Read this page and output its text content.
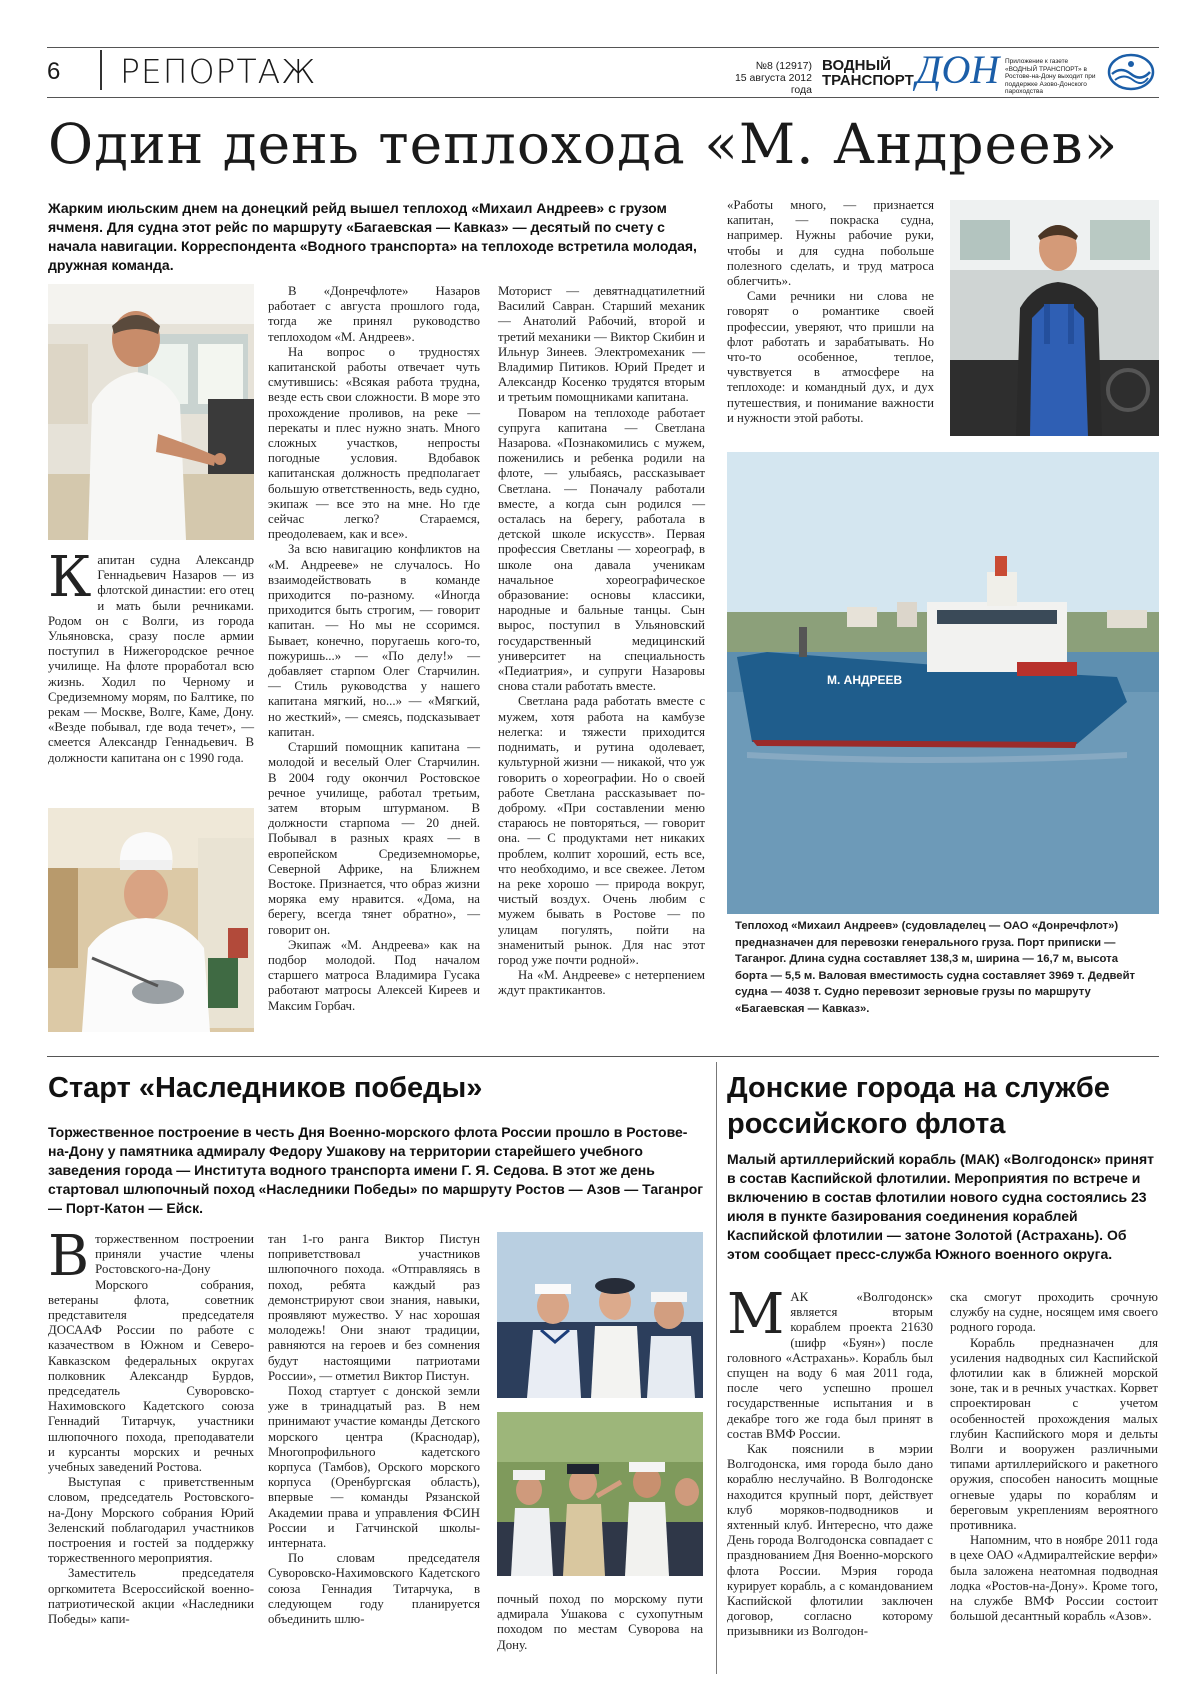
6 РЕПОРТАЖ	№8 (12917)
15 августа 2012 года
ВОДНЫЙ
ТРАНСПОРТ ДОН Приложение к газете «ВОДНЫЙ ТРАНСПОРТ» в Ростове-на-Дону выходит при поддержке Азово-Донского пароходства
Один день теплохода «М. Андреев»
Жарким июльским днем на донецкий рейд вышел теплоход «Михаил Андреев» с грузом ячменя. Для судна этот рейс по маршруту «Багаевская — Кавказ» — десятый по счету с начала навигации. Корреспондента «Водного транспорта» на теплоходе встретила молодая, дружная команда.
Капитан судна Александр Геннадьевич Назаров — из флотской династии: его отец и мать были речниками. Родом он с Волги, из города Ульяновска, сразу после армии поступил в Нижегородское речное училище. На флоте проработал всю жизнь. Ходил по Черному и Средиземному морям, по Балтике, по рекам — Москве, Волге, Каме, Дону. «Везде побывал, где вода течет», — смеется Александр Геннадьевич. В должности капитана он с 1990 года.

В «Донречфлоте» Назаров работает с августа прошлого года, тогда же принял руководство теплоходом «М. Андреев».

На вопрос о трудностях капитанской работы отвечает чуть смутившись: «Всякая работа трудна, везде есть свои сложности. В море это прохождение проливов, на реке — перекаты и плес нужно знать. Много сложных участков, непросты погодные условия. Вдобавок капитанская должность предполагает большую ответственность, ведь судно, экипаж — все это на мне. Но где сейчас легко? Стараемся, преодолеваем, как и все».

За всю навигацию конфликтов на «М. Андрееве» не случалось. Но взаимодействовать в команде приходится по-разному. «Иногда приходится быть строгим, — говорит капитан. — Но мы не ссоримся. Бывает, конечно, поругаешь кого-то, пожуришь...» — «По делу!» — добавляет старпом Олег Старчилин. — Стиль руководства у нашего капитана мягкий, но...» — «Мягкий, но жесткий», — смеясь, подсказывает капитан.

Старший помощник капитана — молодой и веселый Олег Старчилин. В 2004 году окончил Ростовское речное училище, работал третьим, затем вторым штурманом. В должности старпома — 20 дней. Побывал в разных краях — в европейском Средиземноморье, Северной Африке, на Ближнем Востоке. Признается, что образ жизни моряка ему нравится. «Дома, на берегу, всегда тянет обратно», — говорит он.

Экипаж «М. Андреева» как на подбор молодой. Под началом старшего матроса Владимира Гусака работают матросы Алексей Киреев и Максим Горбач.

Моторист — девятнадцатилетний Василий Савран. Старший механик — Анатолий Рабочий, второй и третий механики — Виктор Скибин и Ильнур Зинеев. Электромеханик — Владимир Питиков. Юрий Предет и Александр Косенко трудятся вторым и третьим помощниками капитана.

Поваром на теплоходе работает супруга капитана — Светлана Назарова. «Познакомились с мужем, поженились и ребенка родили на флоте, — улыбаясь, рассказывает Светлана. — Поначалу работали вместе, а когда сын родился — осталась на берегу, работала в детской школе искусств». Первая профессия Светланы — хореограф, в школе она давала ученикам начальное хореографическое образование: основы классики, народные и бальные танцы. Сын вырос, поступил в Ульяновский государственный медицинский университет на специальность «Педиатрия», и супруги Назаровы снова стали работать вместе.

Светлана рада работать вместе с мужем, хотя работа на камбузе нелегка: и тяжести приходится поднимать, и рутина одолевает, культурной жизни — никакой, что уж говорить о хореографии. Но о своей работе Светлана рассказывает по-доброму. «При составлении меню стараюсь не повторяться, — говорит она. — С продуктами нет никаких проблем, колпит хороший, есть все, что необходимо, и все свежее. Летом на реке хорошо — природа вокруг, чистый воздух. Очень любим с мужем бывать в Ростове — по улицам погулять, пойти на знаменитый рынок. Для нас этот город уже почти родной».

На «М. Андрееве» с нетерпением ждут практикантов.

«Работы много, — признается капитан, — покраска судна, например. Нужны рабочие руки, чтобы и для судна побольше полезного сделать, и труд матроса облегчить».

Сами речники ни слова не говорят о романтике своей профессии, уверяют, что пришли на флот работать и зарабатывать. Но что-то особенное, теплое, чувствуется в атмосфере на теплоходе: и командный дух, и дух путешествия, и понимание важности и нужности этой работы.

М. АНДРЕЕВ
Теплоход «Михаил Андреев» (судовладелец — ОАО «Донречфлот») предназначен для перевозки генерального груза. Порт приписки — Таганрог. Длина судна составляет 138,3 м, ширина — 16,7 м, высота борта — 5,5 м. Валовая вместимость судна составляет 3969 т. Дедвейт судна — 4038 т. Судно перевозит зерновые грузы по маршруту «Багаевская — Кавказ».
Старт «Наследников победы»
Торжественное построение в честь Дня Военно-морского флота России прошло в Ростове-на-Дону у памятника адмиралу Федору Ушакову на территории старейшего учебного заведения города — Института водного транспорта имени Г. Я. Седова. В этот же день стартовал шлюпочный поход «Наследники Победы» по маршруту Ростов — Азов — Таганрог — Порт-Катон — Ейск.
Вторжественном построении приняли участие члены Ростовского-на-Дону Морского собрания, ветераны флота, советник представителя председателя ДОСААФ России по работе с казачеством в Южном и Северо-Кавказском федеральных округах полковник Александр Бурдов, председатель Суворовско-Нахимовского Кадетского союза Геннадий Титарчук, участники шлюпочного похода, преподаватели и курсанты морских и речных учебных заведений Ростова.

Выступая с приветственным словом, председатель Ростовского-на-Дону Морского собрания Юрий Зеленский поблагодарил участников построения и гостей за поддержку торжественного мероприятия.

Заместитель председателя оргкомитета Всероссийской военно-патриотической акции «Наследники Победы» капи-

тан 1-го ранга Виктор Пистун поприветствовал участников шлюпочного похода. «Отправляясь в поход, ребята каждый раз демонстрируют свои знания, навыки, проявляют мужество. У нас хорошая молодежь! Они знают традиции, равняются на героев и без сомнения будут настоящими патриотами России», — отметил Виктор Пистун.

Поход стартует с донской земли уже в тринадцатый раз. В нем принимают участие команды Детского морского центра (Краснодар), Многопрофильного кадетского корпуса (Тамбов), Орского морского корпуса (Оренбургская область), впервые — команды Рязанской Академии права и управления ФСИН России и Гатчинской школы-интерната.

По словам председателя Суворовско-Нахимовского Кадетского союза Геннадия Титарчука, в следующем году планируется объединить шлю-

почный поход по морскому пути адмирала Ушакова с сухопутным походом по местам Суворова на Дону.

Донские города на службе российского флота
Малый артиллерийский корабль (МАК) «Волгодонск» принят в состав Каспийской флотилии. Мероприятия по встрече и включению в состав флотилии нового судна состоялись 23 июля в пункте базирования соединения кораблей Каспийской флотилии — затоне Золотой (Астрахань). Об этом сообщает пресс-служба Южного военного округа.
МАК «Волгодонск» является вторым кораблем проекта 21630 (шифр «Буян») после головного «Астрахань». Корабль был спущен на воду 6 мая 2011 года, после чего успешно прошел государственные испытания и в декабре того же года был принят в состав ВМФ России.

Как пояснили в мэрии Волгодонска, имя города было дано кораблю неслучайно. В Волгодонске находится крупный порт, действует клуб моряков-подводников и яхтенный клуб. Интересно, что даже День города Волгодонска совпадает с празднованием Дня Военно-морского флота России. Мэрия города курирует корабль, а с командованием Каспийской флотилии заключен договор, согласно которому призывники из Волгодон-

ска смогут проходить срочную службу на судне, носящем имя своего родного города.

Корабль предназначен для усиления надводных сил Каспийской флотилии как в ближней морской зоне, так и в речных участках. Корвет спроектирован с учетом особенностей прохождения малых глубин Каспийского моря и дельты Волги и вооружен различными типами артиллерийского и ракетного оружия, способен наносить мощные огневые удары по кораблям и береговым укреплениям вероятного противника.

Напомним, что в ноябре 2011 года в цехе ОАО «Адмиралтейские верфи» была заложена неатомная подводная лодка «Ростов-на-Дону». Кроме того, на службе ВМФ России состоит большой десантный корабль «Азов».
